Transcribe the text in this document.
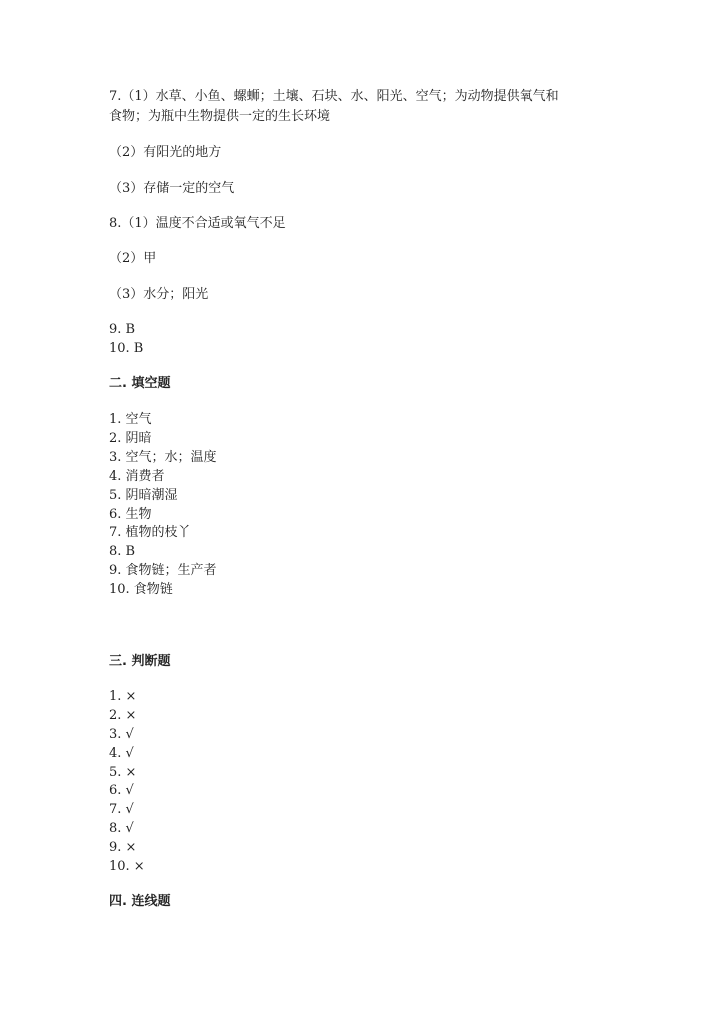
7.（1）水草、小鱼、螺蛳；土壤、石块、水、阳光、空气；为动物提供氧气和
食物；为瓶中生物提供一定的生长环境
（2）有阳光的地方
（3）存储一定的空气
8.（1）温度不合适或氧气不足
（2）甲
（3）水分；阳光
9. B
10. B
二. 填空题
1. 空气
2. 阴暗
3. 空气；水；温度
4. 消费者
5. 阴暗潮湿
6. 生物
7. 植物的枝丫
8. B
9. 食物链；生产者
10. 食物链
三. 判断题
1. ×
2. ×
3. √
4. √
5. ×
6. √
7. √
8. √
9. ×
10. ×
四. 连线题
